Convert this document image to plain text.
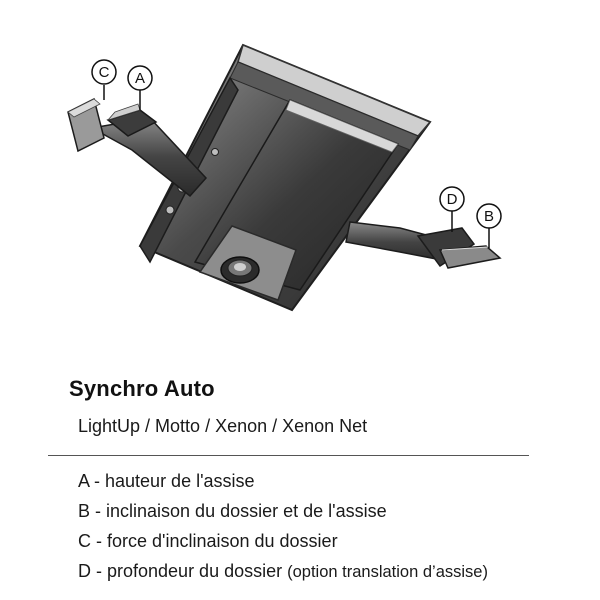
C A
D
B
Synchro Auto
LightUp / Motto / Xenon / Xenon Net
A - hauteur de l'assise
B - inclinaison du dossier et de l'assise
C - force d'inclinaison du dossier
D - profondeur du dossier (option translation d’assise)
